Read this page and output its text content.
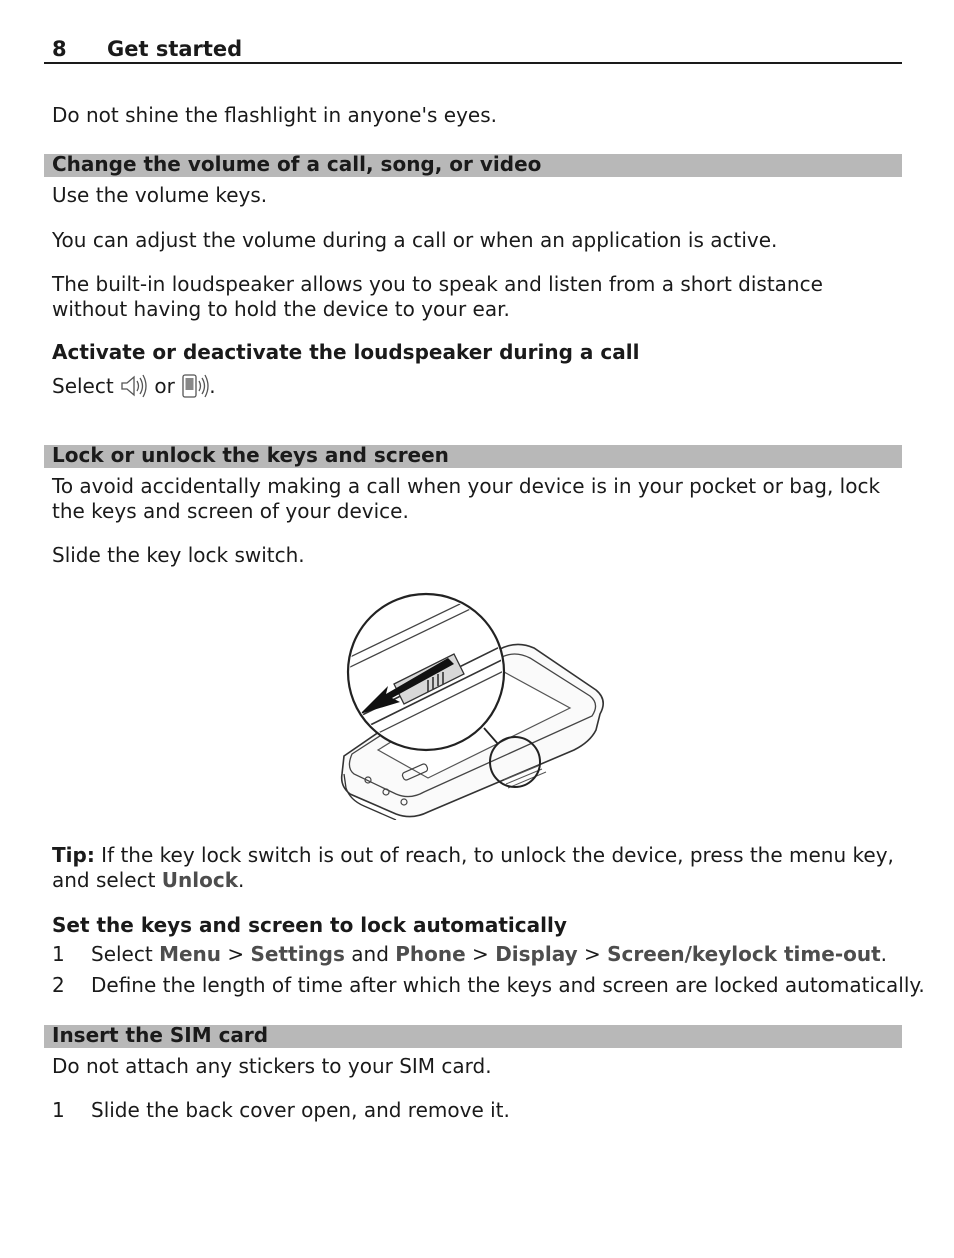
8 Get started

Do not shine the flashlight in anyone's eyes.

Change the volume of a call, song, or video

Use the volume keys.

You can adjust the volume during a call or when an application is active.

The built-in loudspeaker allows you to speak and listen from a short distance without having to hold the device to your ear.

Activate or deactivate the loudspeaker during a call

Select or .

Lock or unlock the keys and screen

To avoid accidentally making a call when your device is in your pocket or bag, lock the keys and screen of your device.

Slide the key lock switch.

Tip: If the key lock switch is out of reach, to unlock the device, press the menu key, and select Unlock.

Set the keys and screen to lock automatically
1 Select Menu > Settings and Phone > Display > Screen/keylock time-out.
2 Define the length of time after which the keys and screen are locked automatically.
Insert the SIM card

Do not attach any stickers to your SIM card.

1 Slide the back cover open, and remove it.
